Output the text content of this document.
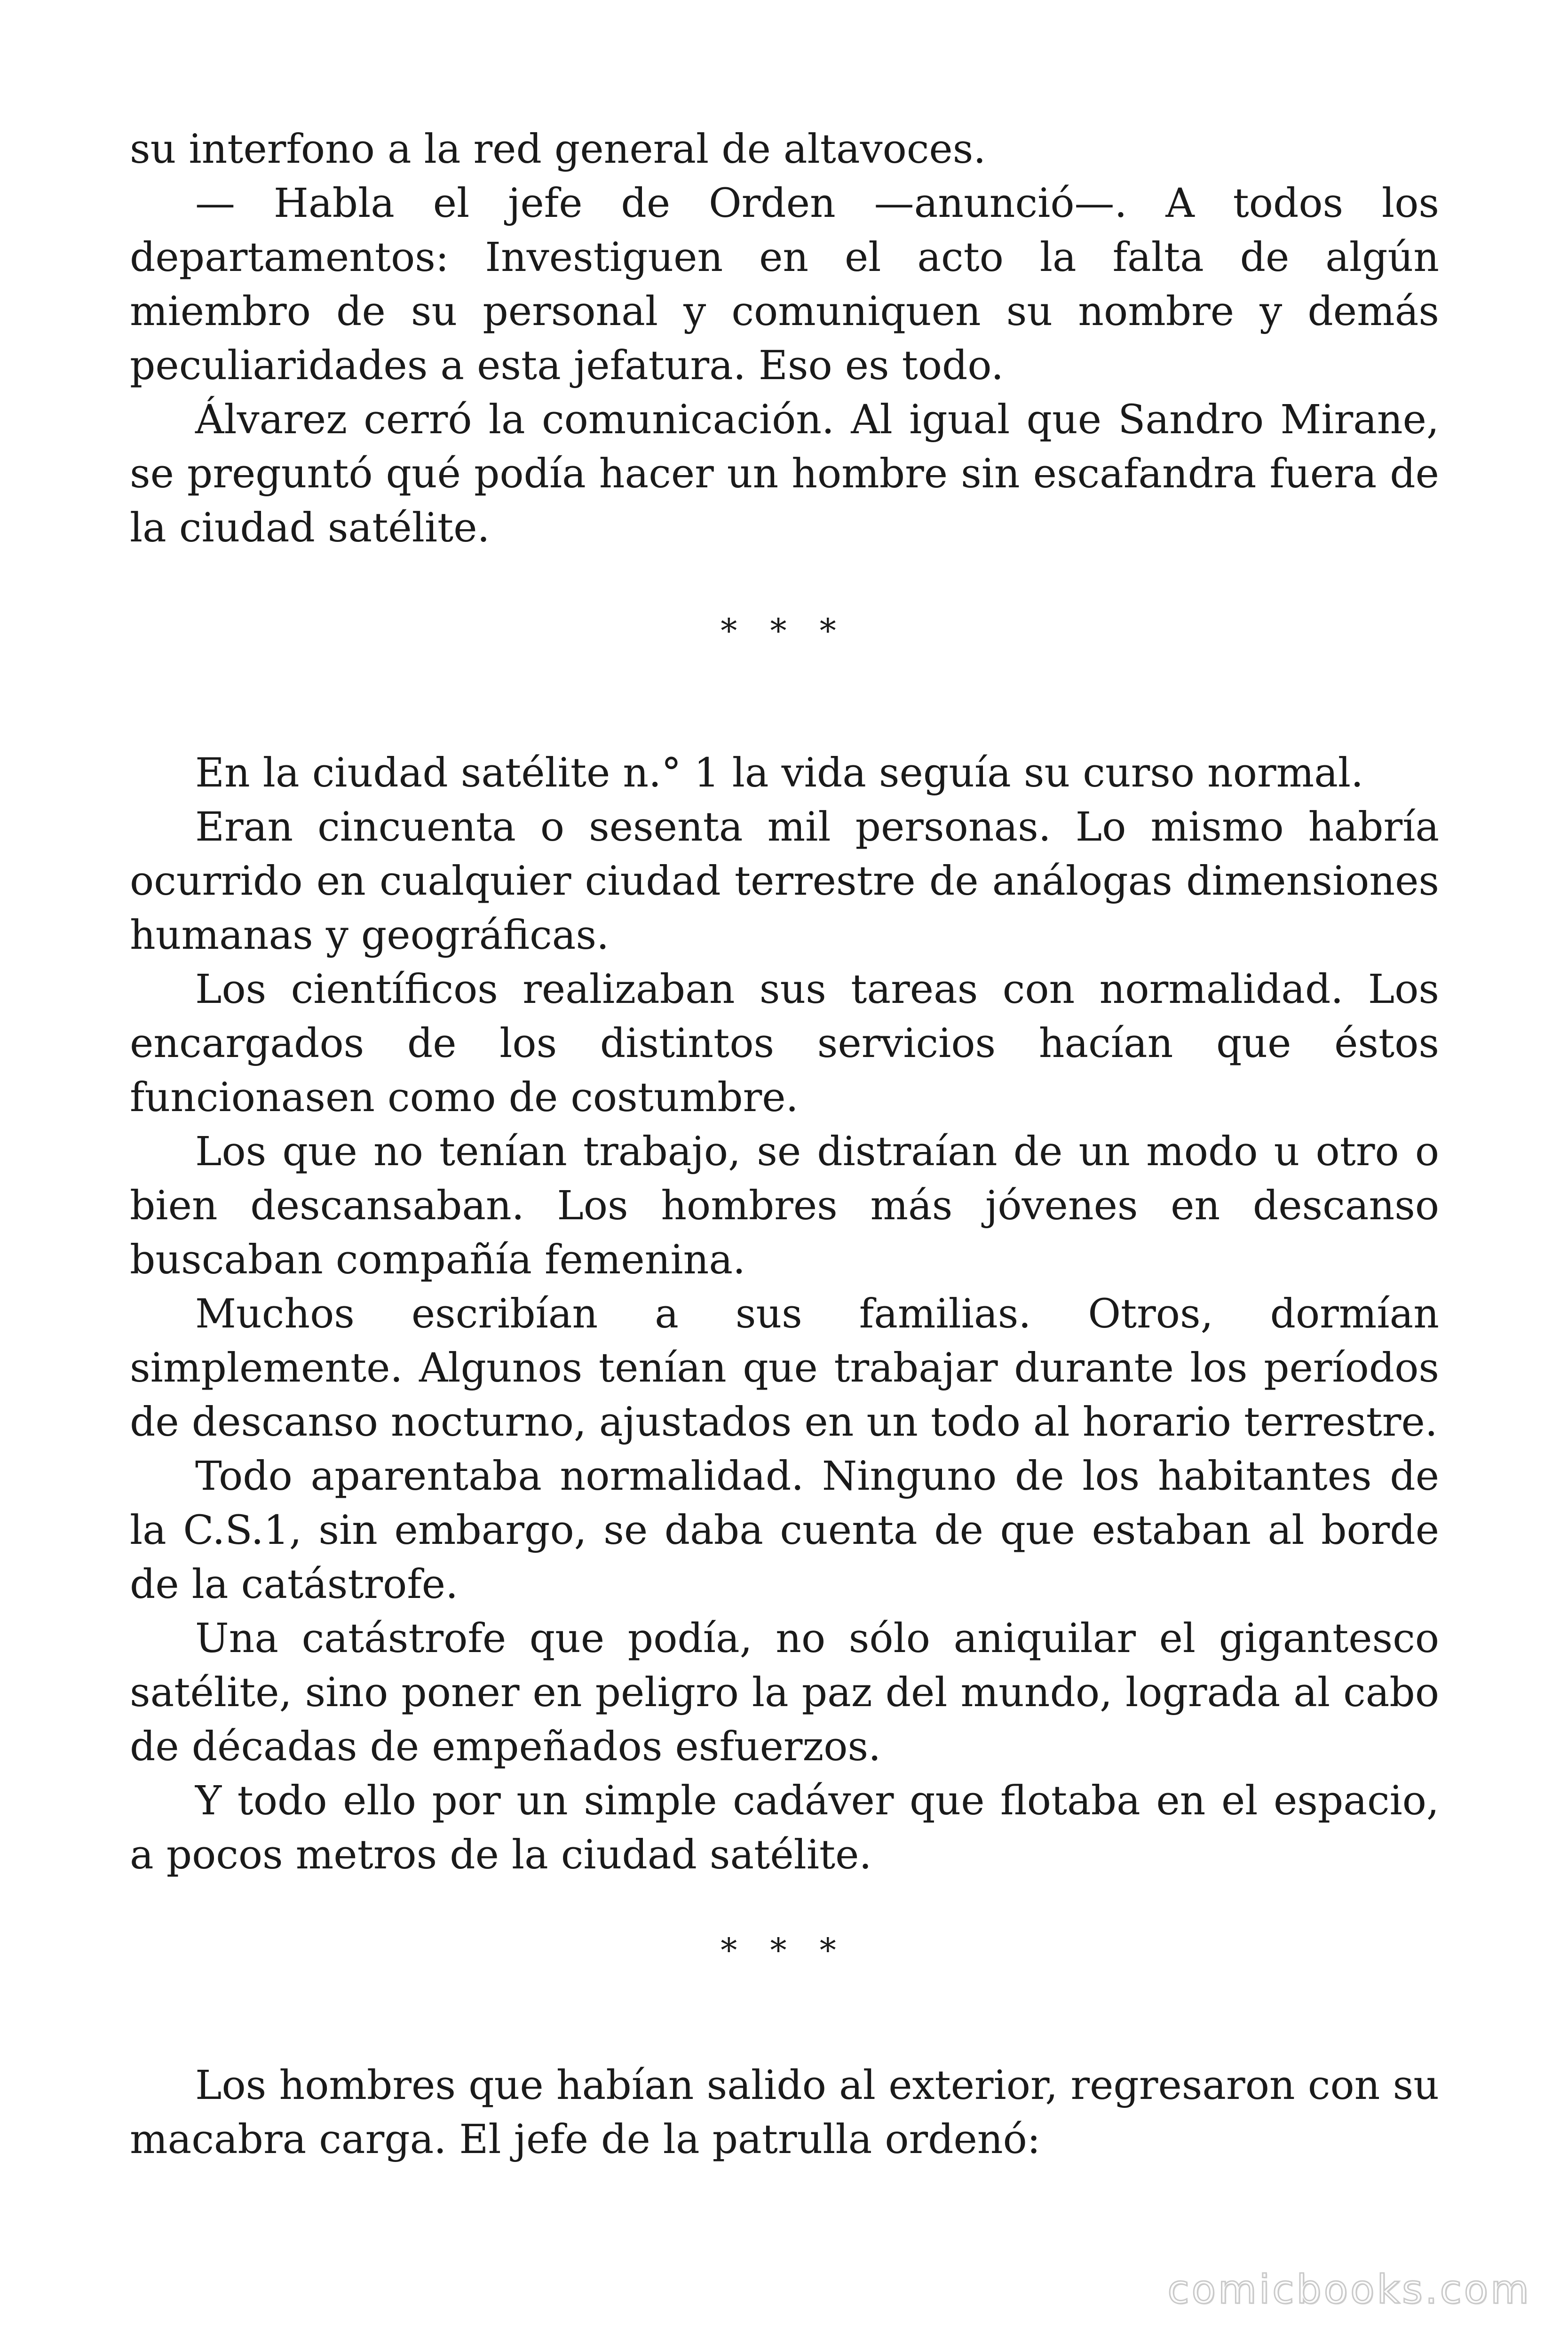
su interfono a la red general de altavoces.

— Habla el jefe de Orden —anunció—. A todos los departamentos: Investiguen en el acto la falta de algún miembro de su personal y comuniquen su nombre y demás peculiaridades a esta jefatura. Eso es todo.

Álvarez cerró la comunicación. Al igual que Sandro Mirane, se preguntó qué podía hacer un hombre sin escafandra fuera de la ciudad satélite.

* * *

En la ciudad satélite n.° 1 la vida seguía su curso normal.

Eran cincuenta o sesenta mil personas. Lo mismo habría ocurrido en cualquier ciudad terrestre de análogas dimensiones humanas y geográficas.

Los científicos realizaban sus tareas con normalidad. Los encargados de los distintos servicios hacían que éstos funcionasen como de costumbre.

Los que no tenían trabajo, se distraían de un modo u otro o bien descansaban. Los hombres más jóvenes en descanso buscaban compañía femenina.

Muchos escribían a sus familias. Otros, dormían simplemente. Algunos tenían que trabajar durante los períodos de descanso nocturno, ajustados en un todo al horario terrestre.

Todo aparentaba normalidad. Ninguno de los habitantes de la C.S.1, sin embargo, se daba cuenta de que estaban al borde de la catástrofe.

Una catástrofe que podía, no sólo aniquilar el gigantesco satélite, sino poner en peligro la paz del mundo, lograda al cabo de décadas de empeñados esfuerzos.

Y todo ello por un simple cadáver que flotaba en el espacio, a pocos metros de la ciudad satélite.

* * *

Los hombres que habían salido al exterior, regresaron con su macabra carga. El jefe de la patrulla ordenó:

comicbooks.com
